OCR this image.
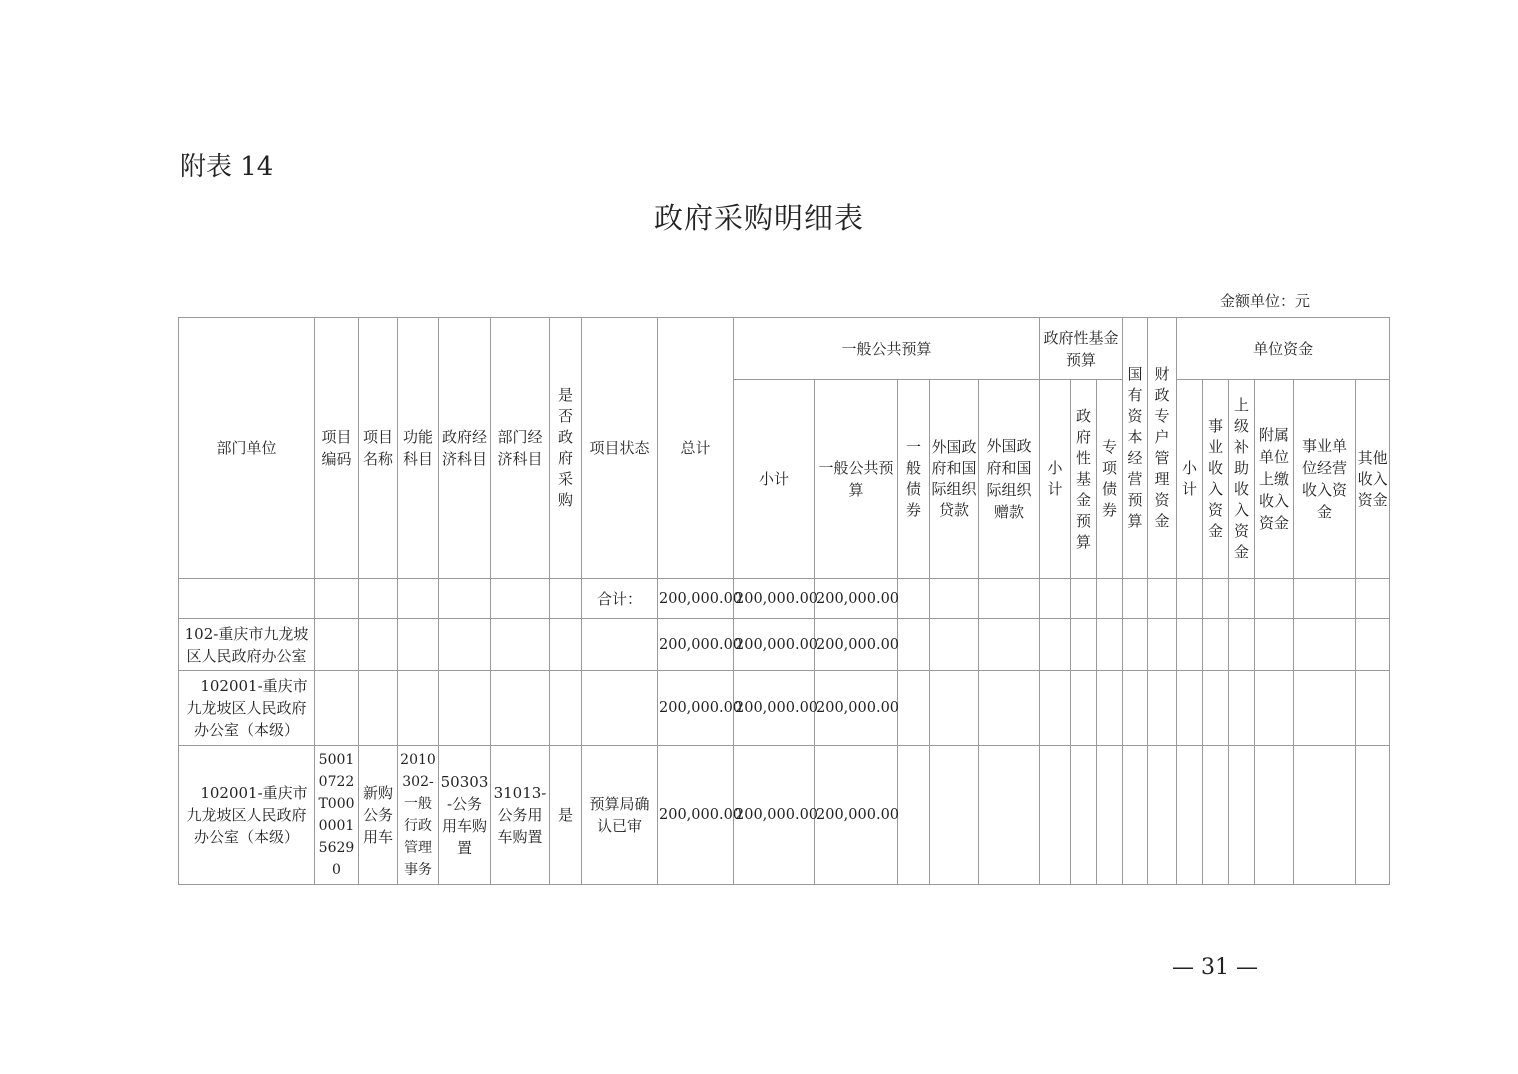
附表 14
政府采购明细表
金额单位：元
部门单位	项目编码	项目名称	功能科目	政府经济科目	部门经济科目	是否政府采购	项目状态	总计	一般公共预算					政府性基金预算			国有资本经营预算	财政专户管理资金	单位资金					
									小计	一般公共预算	一般债券	外国政府和国际组织贷款	外国政府和国际组织赠款	小计	政府性基金预算	专项债券			小计	事业收入资金	上级补助收入资金	附属单位上缴收入资金	事业单位经营收入资金	其他收入资金
							合计：	200,000.00	200,000.00	200,000.00														
102-重庆市九龙坡区人民政府办公室								200,000.00	200,000.00	200,000.00														
102001-重庆市九龙坡区人民政府办公室（本级）								200,000.00	200,000.00	200,000.00														
102001-重庆市九龙坡区人民政府办公室（本级）	50010722T000000156290	新购公务用车	2010302-一般行政管理事务	50303-公务用车购置	31013-公务用车购置	是	预算局确认已审	200,000.00	200,000.00	200,000.00														
— 31 —
